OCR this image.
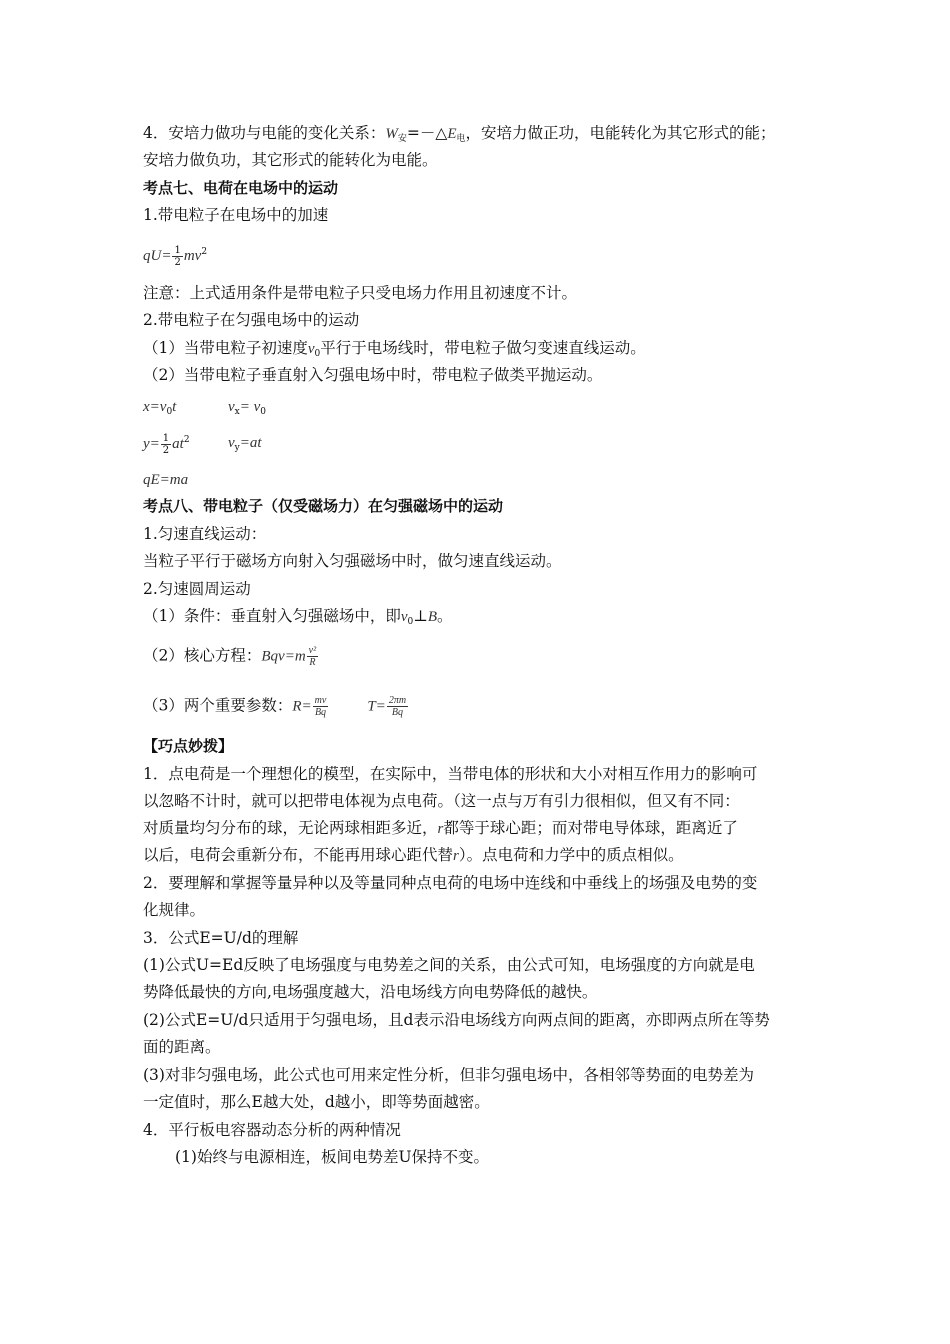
4．安培力做功与电能的变化关系：$W_安=-\triangle E_电$，安培力做正功，电能转化为其它形式的能；
安培力做负功，其它形式的能转化为电能。
考点七、电荷在电场中的运动
1.带电粒子在电场中的加速
$qU= \frac{1}{2} mv^2$
注意：上式适用条件是带电粒子只受电场力作用且初速度不计。
2.带电粒子在匀强电场中的运动
（1）当带电粒子初速度$v_0$平行于电场线时，带电粒子做匀变速直线运动。
（2）当带电粒子垂直射入匀强电场中时，带电粒子做类平抛运动。
$x=v_0t$	$v_x= v_0$
$y= \frac{1}{2} at^2$	$v_y=at$
qE=ma
考点八、带电粒子（仅受磁场力）在匀强磁场中的运动
1.匀速直线运动：
当粒子平行于磁场方向射入匀强磁场中时，做匀速直线运动。
2.匀速圆周运动
（1）条件：垂直射入匀强磁场中，即$v_0\perp B$。
（2）核心方程：$Bqv=m \frac{\text{v²}}{R}$
（3）两个重要参数：$R= \frac{mv}{Bq}$	$T= \frac{2\pi m}{Bq}$
【巧点妙拨】
1．点电荷是一个理想化的模型，在实际中，当带电体的形状和大小对相互作用力的影响可
以忽略不计时，就可以把带电体视为点电荷。（这一点与万有引力很相似，但又有不同：
对质量均匀分布的球，无论两球相距多近，r都等于球心距；而对带电导体球，距离近了
以后，电荷会重新分布，不能再用球心距代替r）。点电荷和力学中的质点相似。
2．要理解和掌握等量异种以及等量同种点电荷的电场中连线和中垂线上的场强及电势的变
化规律。
3．公式E=U/d的理解
(1)公式U=Ed反映了电场强度与电势差之间的关系，由公式可知，电场强度的方向就是电
势降低最快的方向,电场强度越大，沿电场线方向电势降低的越快。
(2)公式E=U/d只适用于匀强电场，且d表示沿电场线方向两点间的距离，亦即两点所在等势
面的距离。
(3)对非匀强电场，此公式也可用来定性分析，但非匀强电场中，各相邻等势面的电势差为
一定值时，那么E越大处，d越小，即等势面越密。
4．平行板电容器动态分析的两种情况
(1)始终与电源相连，板间电势差U保持不变。
